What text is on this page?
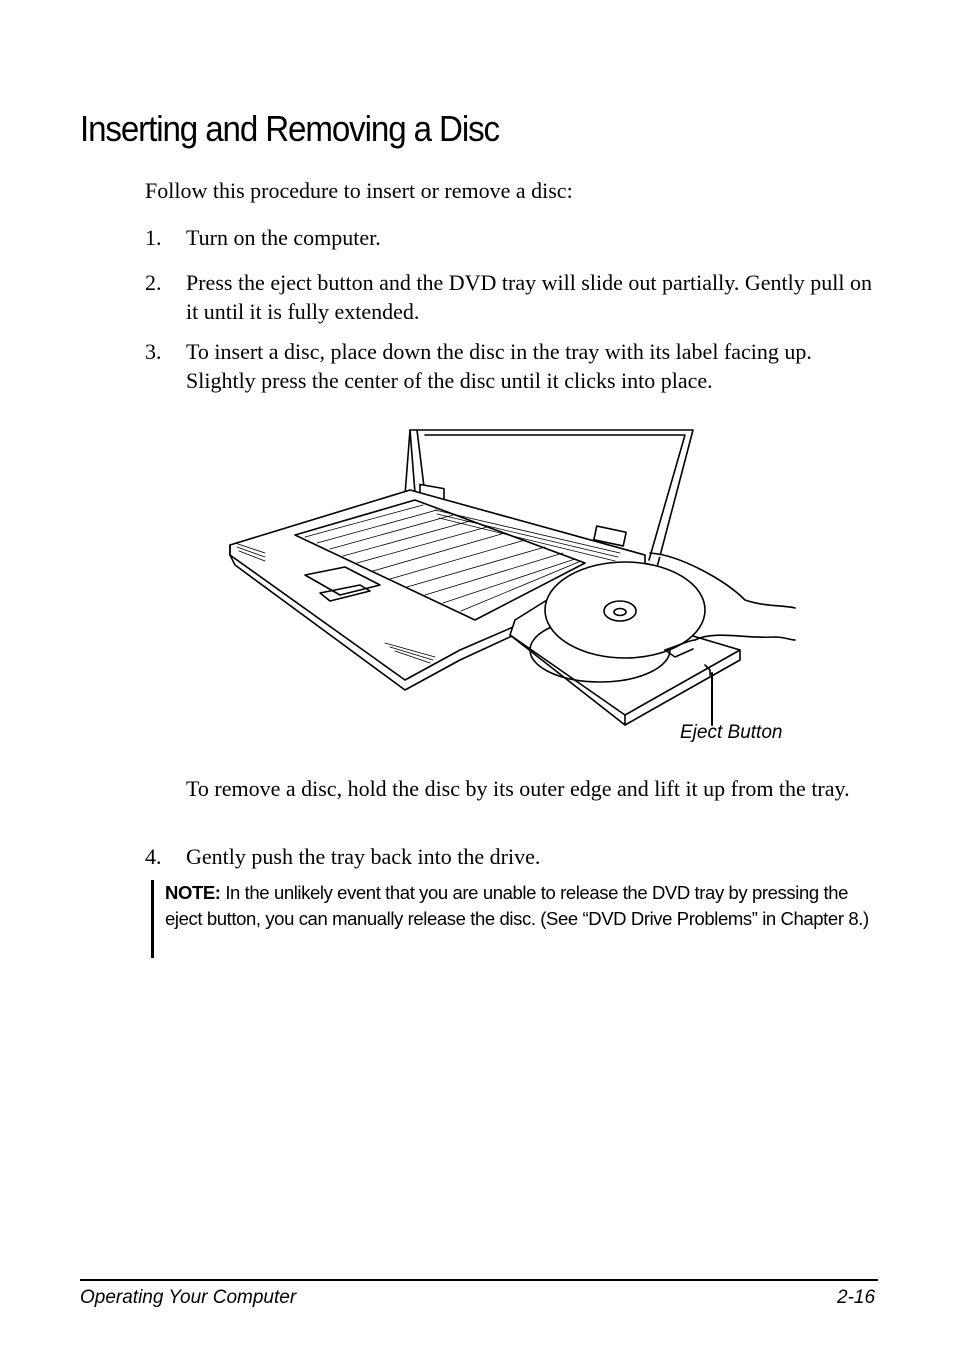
Inserting and Removing a Disc

Follow this procedure to insert or remove a disc:

1. Turn on the computer.
2. Press the eject button and the DVD tray will slide out partially. Gently pull on it until it is fully extended.
3. To insert a disc, place down the disc in the tray with its label facing up. Slightly press the center of the disc until it clicks into place.
Eject Button
To remove a disc, hold the disc by its outer edge and lift it up from the tray.
4. Gently push the tray back into the drive.
NOTE: In the unlikely event that you are unable to release the DVD tray by pressing the eject button, you can manually release the disc. (See “DVD Drive Problems” in Chapter 8.)
Operating Your Computer	2-16
